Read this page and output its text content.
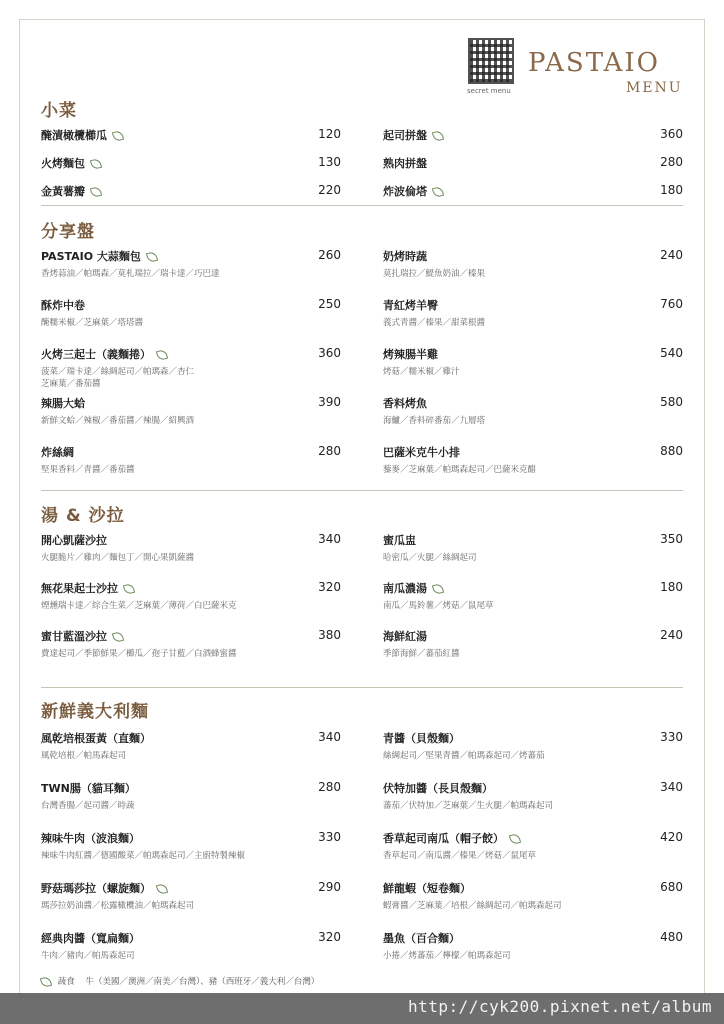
secret menu
PASTAIO
MENU
小菜
醃漬橄欖櫛瓜	120	起司拼盤	360
火烤麵包	130	熟肉拼盤	280
金黃薯瓣	220	炸波倫塔	180
分享盤
PASTAIO 大蒜麵包	260
香烤蒜油／帕瑪森／莫札瑞拉／瑞卡達／巧巴達
奶烤時蔬	240
莫扎瑞拉／鯷魚奶油／榛果
酥炸中卷	250
醃糯米椒／芝麻葉／塔塔醬
青紅烤羊臀	760
義式青醬／榛果／甜菜根醬
火烤三起士（義麵捲）	360
菠菜／瑞卡達／絲綢起司／帕瑪森／杏仁
芝麻葉／番茄醬
烤辣腸半雞	540
烤菇／糯米椒／雞汁
辣腸大蛤	390
新鮮文蛤／辣椒／番茄醬／辣腸／紹興酒
香料烤魚	580
海鱸／香料碎番茄／九層塔
炸絲綢	280
堅果香料／青醬／番茄醬
巴薩米克牛小排	880
藜麥／芝麻葉／帕瑪森起司／巴薩米克醋
湯 & 沙拉
開心凱薩沙拉	340
火腿脆片／雞肉／麵包丁／開心果凱薩醬
蜜瓜盅	350
哈密瓜／火腿／絲綢起司
無花果起士沙拉	320
煙燻瑞卡達／綜合生菜／芝麻葉／薄荷／白巴薩米克
南瓜濃湯	180
南瓜／馬鈴薯／烤菇／鼠尾草
蜜甘藍溫沙拉	380
費達起司／季節鮮果／櫛瓜／孢子甘藍／白酒蜂蜜醬
海鮮紅湯	240
季節海鮮／蕃茄紅醬
新鮮義大利麵
風乾培根蛋黃（直麵）	340
風乾培根／帕馬森起司
青醬（貝殼麵）	330
絲綢起司／堅果青醬／帕瑪森起司／烤蕃茄
TWN腸（貓耳麵）	280
台灣香腸／起司醬／時蔬
伏特加醬（長貝殼麵）	340
蕃茄／伏特加／芝麻葉／生火腿／帕瑪森起司
辣味牛肉（波浪麵）	330
辣味牛肉紅醬／德國酸菜／帕瑪森起司／主廚特製辣椒
香草起司南瓜（帽子餃）	420
香草起司／南瓜醬／榛果／烤菇／鼠尾草
野菇瑪莎拉（螺旋麵）	290
瑪莎拉奶油醬／松露橄欖油／帕瑪森起司
鮮龍蝦（短卷麵）	680
蝦膏醬／芝麻葉／培根／絲綢起司／帕瑪森起司
經典肉醬（寬扁麵）	320
牛肉／豬肉／帕馬森起司
墨魚（百合麵）	480
小捲／烤蕃茄／檸檬／帕瑪森起司
蔬食 牛（美國／澳洲／南美／台灣）、豬（西班牙／義大利／台灣）
http://cyk200.pixnet.net/album
